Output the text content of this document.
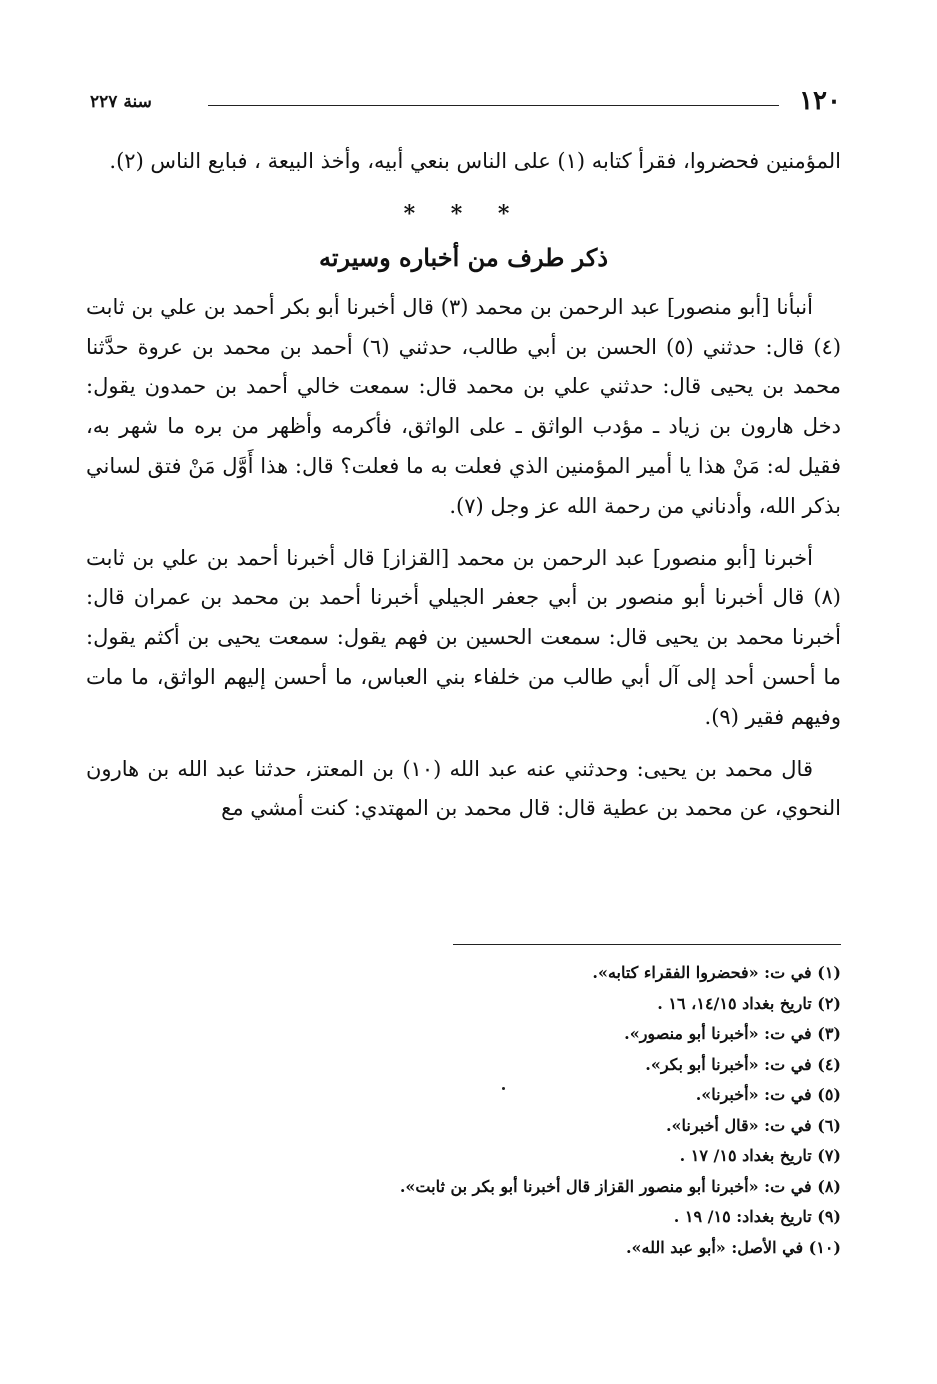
١٢٠
سنة ٢٢٧

المؤمنين فحضروا، فقرأ كتابه (١) على الناس بنعي أبيه، وأخذ البيعة ، فبايع الناس (٢).

* * *
ذكر طرف من أخباره وسيرته

أنبأنا [أبو منصور] عبد الرحمن بن محمد (٣) قال أخبرنا أبو بكر أحمد بن علي بن ثابت (٤) قال: حدثني (٥) الحسن بن أبي طالب، حدثني (٦) أحمد بن محمد بن عروة حدَّثنا محمد بن يحيى قال: حدثني علي بن محمد قال: سمعت خالي أحمد بن حمدون يقول: دخل هارون بن زياد ـ مؤدب الواثق ـ على الواثق، فأكرمه وأظهر من بره ما شهر به، فقيل له: مَنْ هذا يا أمير المؤمنين الذي فعلت به ما فعلت؟ قال: هذا أَوَّل مَنْ فتق لساني بذكر الله، وأدناني من رحمة الله عز وجل (٧).

أخبرنا [أبو منصور] عبد الرحمن بن محمد [القزاز] قال أخبرنا أحمد بن علي بن ثابت (٨) قال أخبرنا أبو منصور بن أبي جعفر الجيلي أخبرنا أحمد بن محمد بن عمران قال: أخبرنا محمد بن يحيى قال: سمعت الحسين بن فهم يقول: سمعت يحيى بن أكثم يقول: ما أحسن أحد إلى آل أبي طالب من خلفاء بني العباس، ما أحسن إليهم الواثق، ما مات وفيهم فقير (٩).

قال محمد بن يحيى: وحدثني عنه عبد الله (١٠) بن المعتز، حدثنا عبد الله بن هارون النحوي، عن محمد بن عطية قال: قال محمد بن المهتدي: كنت أمشي مع

(١) في ت: «فحضروا الفقراء كتابه».
(٢) تاريخ بغداد ١٤/١٥، ١٦ .
(٣) في ت: «أخبرنا أبو منصور».
(٤) في ت: «أخبرنا أبو بكر».
(٥) في ت: «أخبرنا».
(٦) في ت: «قال أخبرنا».
(٧) تاريخ بغداد ١٥/ ١٧ .
(٨) في ت: «أخبرنا أبو منصور القزاز قال أخبرنا أبو بكر بن ثابت».
(٩) تاريخ بغداد: ١٥/ ١٩ .
(١٠) في الأصل: «أبو عبد الله».
